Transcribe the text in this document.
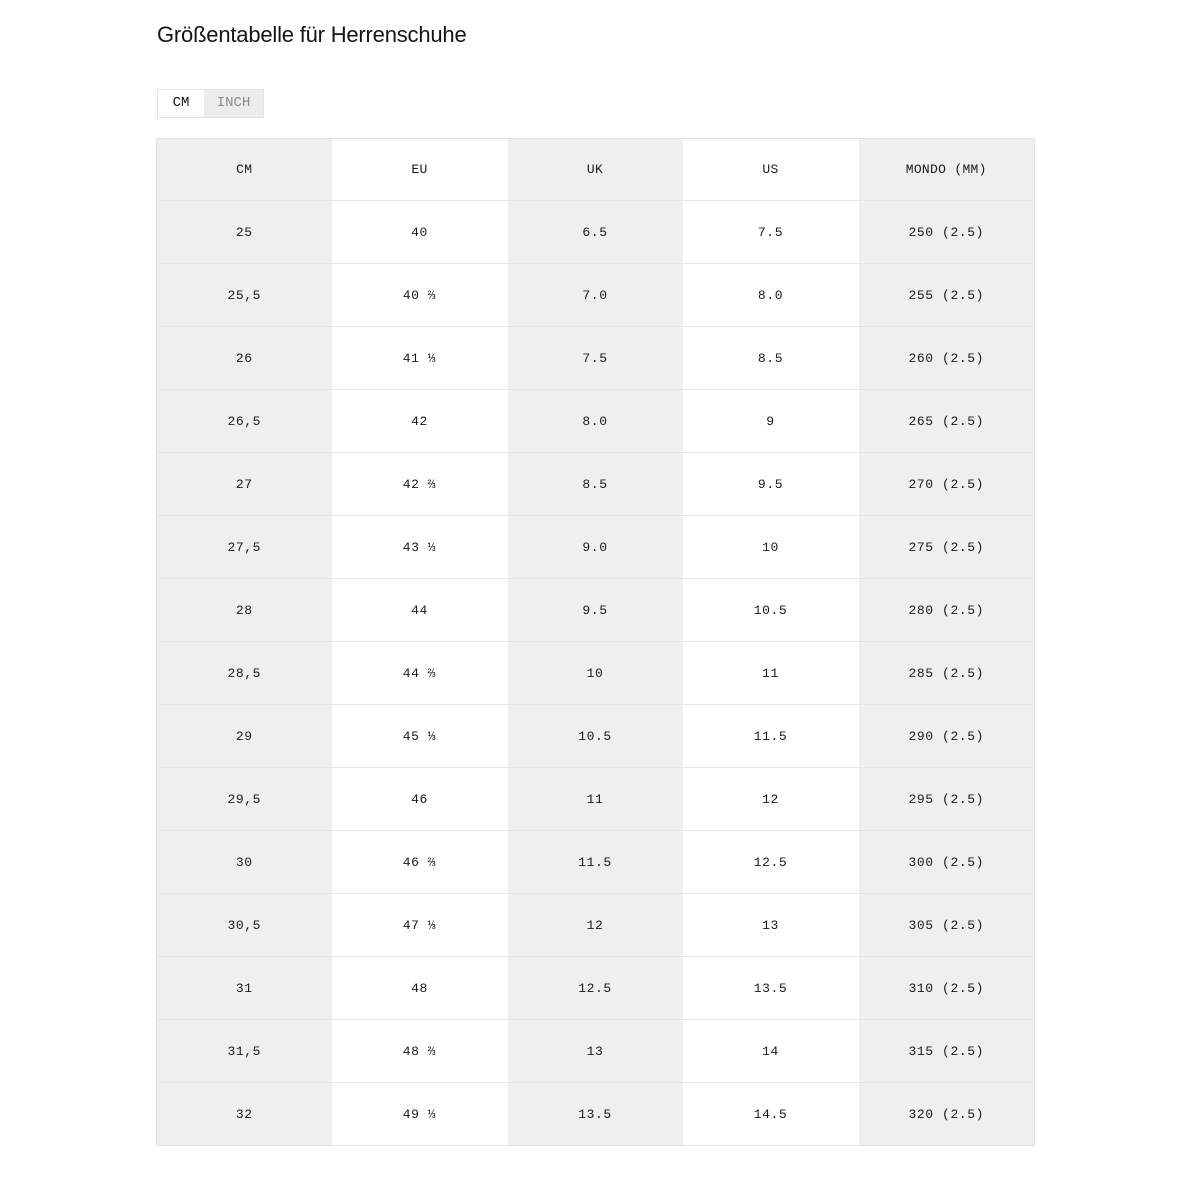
Größentabelle für Herrenschuhe
CM	INCH
CM	EU	UK	US	MONDO (MM)
25	40	6.5	7.5	250 (2.5)
25,5	40 ⅔	7.0	8.0	255 (2.5)
26	41 ⅓	7.5	8.5	260 (2.5)
26,5	42	8.0	9	265 (2.5)
27	42 ⅔	8.5	9.5	270 (2.5)
27,5	43 ⅓	9.0	10	275 (2.5)
28	44	9.5	10.5	280 (2.5)
28,5	44 ⅔	10	11	285 (2.5)
29	45 ⅓	10.5	11.5	290 (2.5)
29,5	46	11	12	295 (2.5)
30	46 ⅔	11.5	12.5	300 (2.5)
30,5	47 ⅓	12	13	305 (2.5)
31	48	12.5	13.5	310 (2.5)
31,5	48 ⅔	13	14	315 (2.5)
32	49 ⅓	13.5	14.5	320 (2.5)
